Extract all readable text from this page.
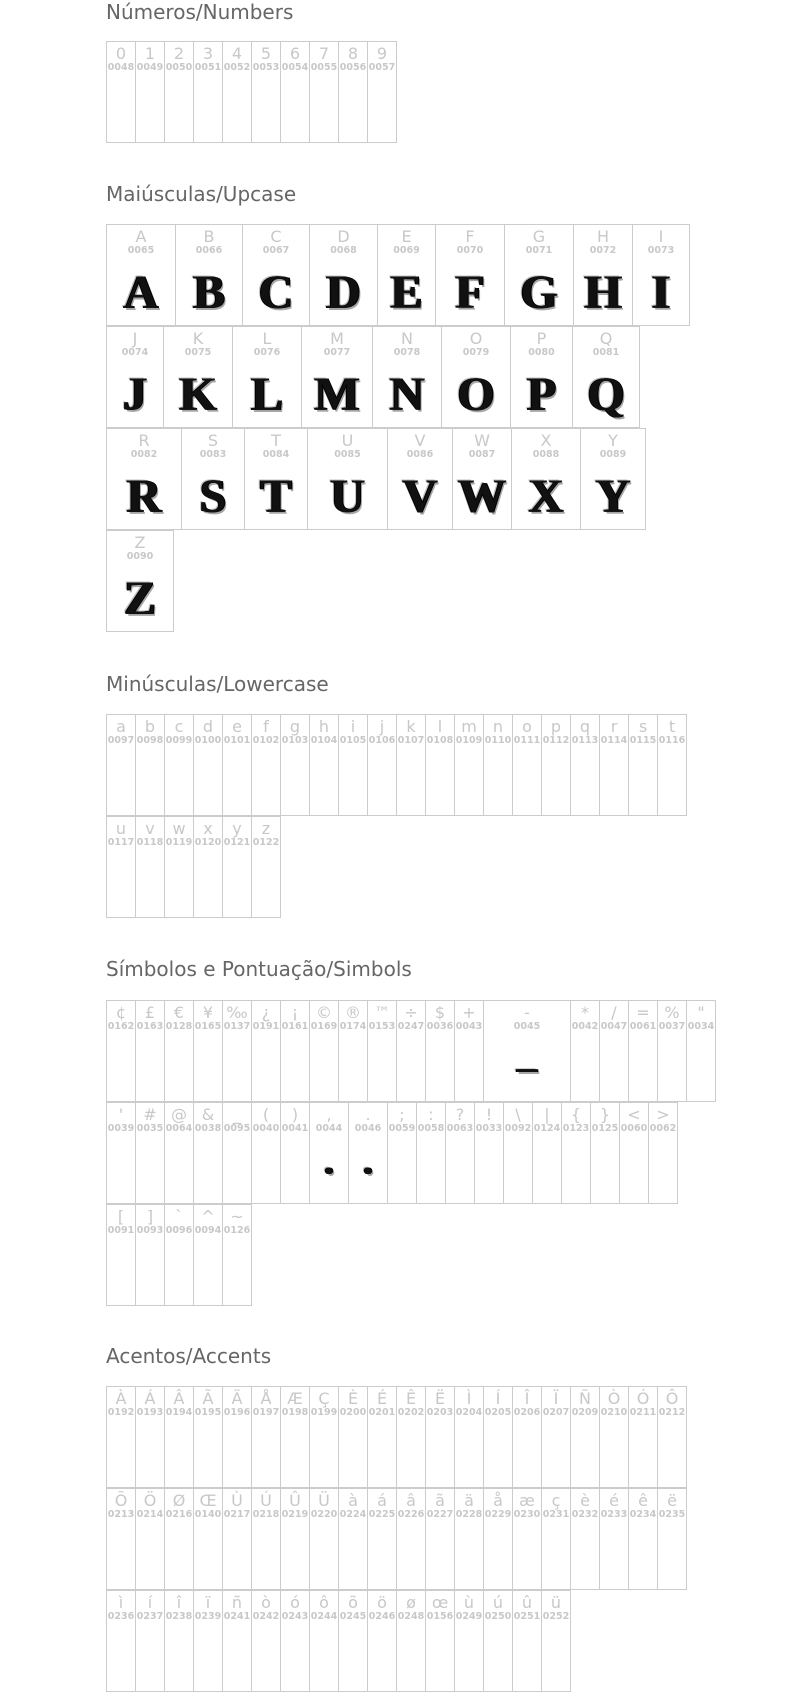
Números/Numbers
0
0048
1
0049
2
0050
3
0051
4
0052
5
0053
6
0054
7
0055
8
0056
9
0057
Maiúsculas/Upcase
A
0065
A
B
0066
B
C
0067
C
D
0068
D
E
0069
E
F
0070
F
G
0071
G
H
0072
H
I
0073
I
J
0074
J
K
0075
K
L
0076
L
M
0077
M
N
0078
N
O
0079
O
P
0080
P
Q
0081
Q
R
0082
R
S
0083
S
T
0084
T
U
0085
U
V
0086
V
W
0087
W
X
0088
X
Y
0089
Y
Z
0090
Z
Minúsculas/Lowercase
a
0097
b
0098
c
0099
d
0100
e
0101
f
0102
g
0103
h
0104
i
0105
j
0106
k
0107
l
0108
m
0109
n
0110
o
0111
p
0112
q
0113
r
0114
s
0115
t
0116
u
0117
v
0118
w
0119
x
0120
y
0121
z
0122
Símbolos e Pontuação/Simbols
¢
0162
£
0163
€
0128
¥
0165
‰
0137
¿
0191
¡
0161
©
0169
®
0174
™
0153
÷
0247
$
0036
+
0043
-
0045
–
*
0042
/
0047
=
0061
%
0037
"
0034
'
0039
#
0035
@
0064
&
0038
_
0095
(
0040
)
0041
,
0044
·
.
0046
·
;
0059
:
0058
?
0063
!
0033
\
0092
|
0124
{
0123
}
0125
<
0060
>
0062
[
0091
]
0093
`
0096
^
0094
~
0126
Acentos/Accents
À
0192
Á
0193
Â
0194
Ã
0195
Ä
0196
Å
0197
Æ
0198
Ç
0199
È
0200
É
0201
Ê
0202
Ë
0203
Ì
0204
Í
0205
Î
0206
Ï
0207
Ñ
0209
Ò
0210
Ó
0211
Ô
0212
Õ
0213
Ö
0214
Ø
0216
Œ
0140
Ù
0217
Ú
0218
Û
0219
Ü
0220
à
0224
á
0225
â
0226
ã
0227
ä
0228
å
0229
æ
0230
ç
0231
è
0232
é
0233
ê
0234
ë
0235
ì
0236
í
0237
î
0238
ï
0239
ñ
0241
ò
0242
ó
0243
ô
0244
õ
0245
ö
0246
ø
0248
œ
0156
ù
0249
ú
0250
û
0251
ü
0252
